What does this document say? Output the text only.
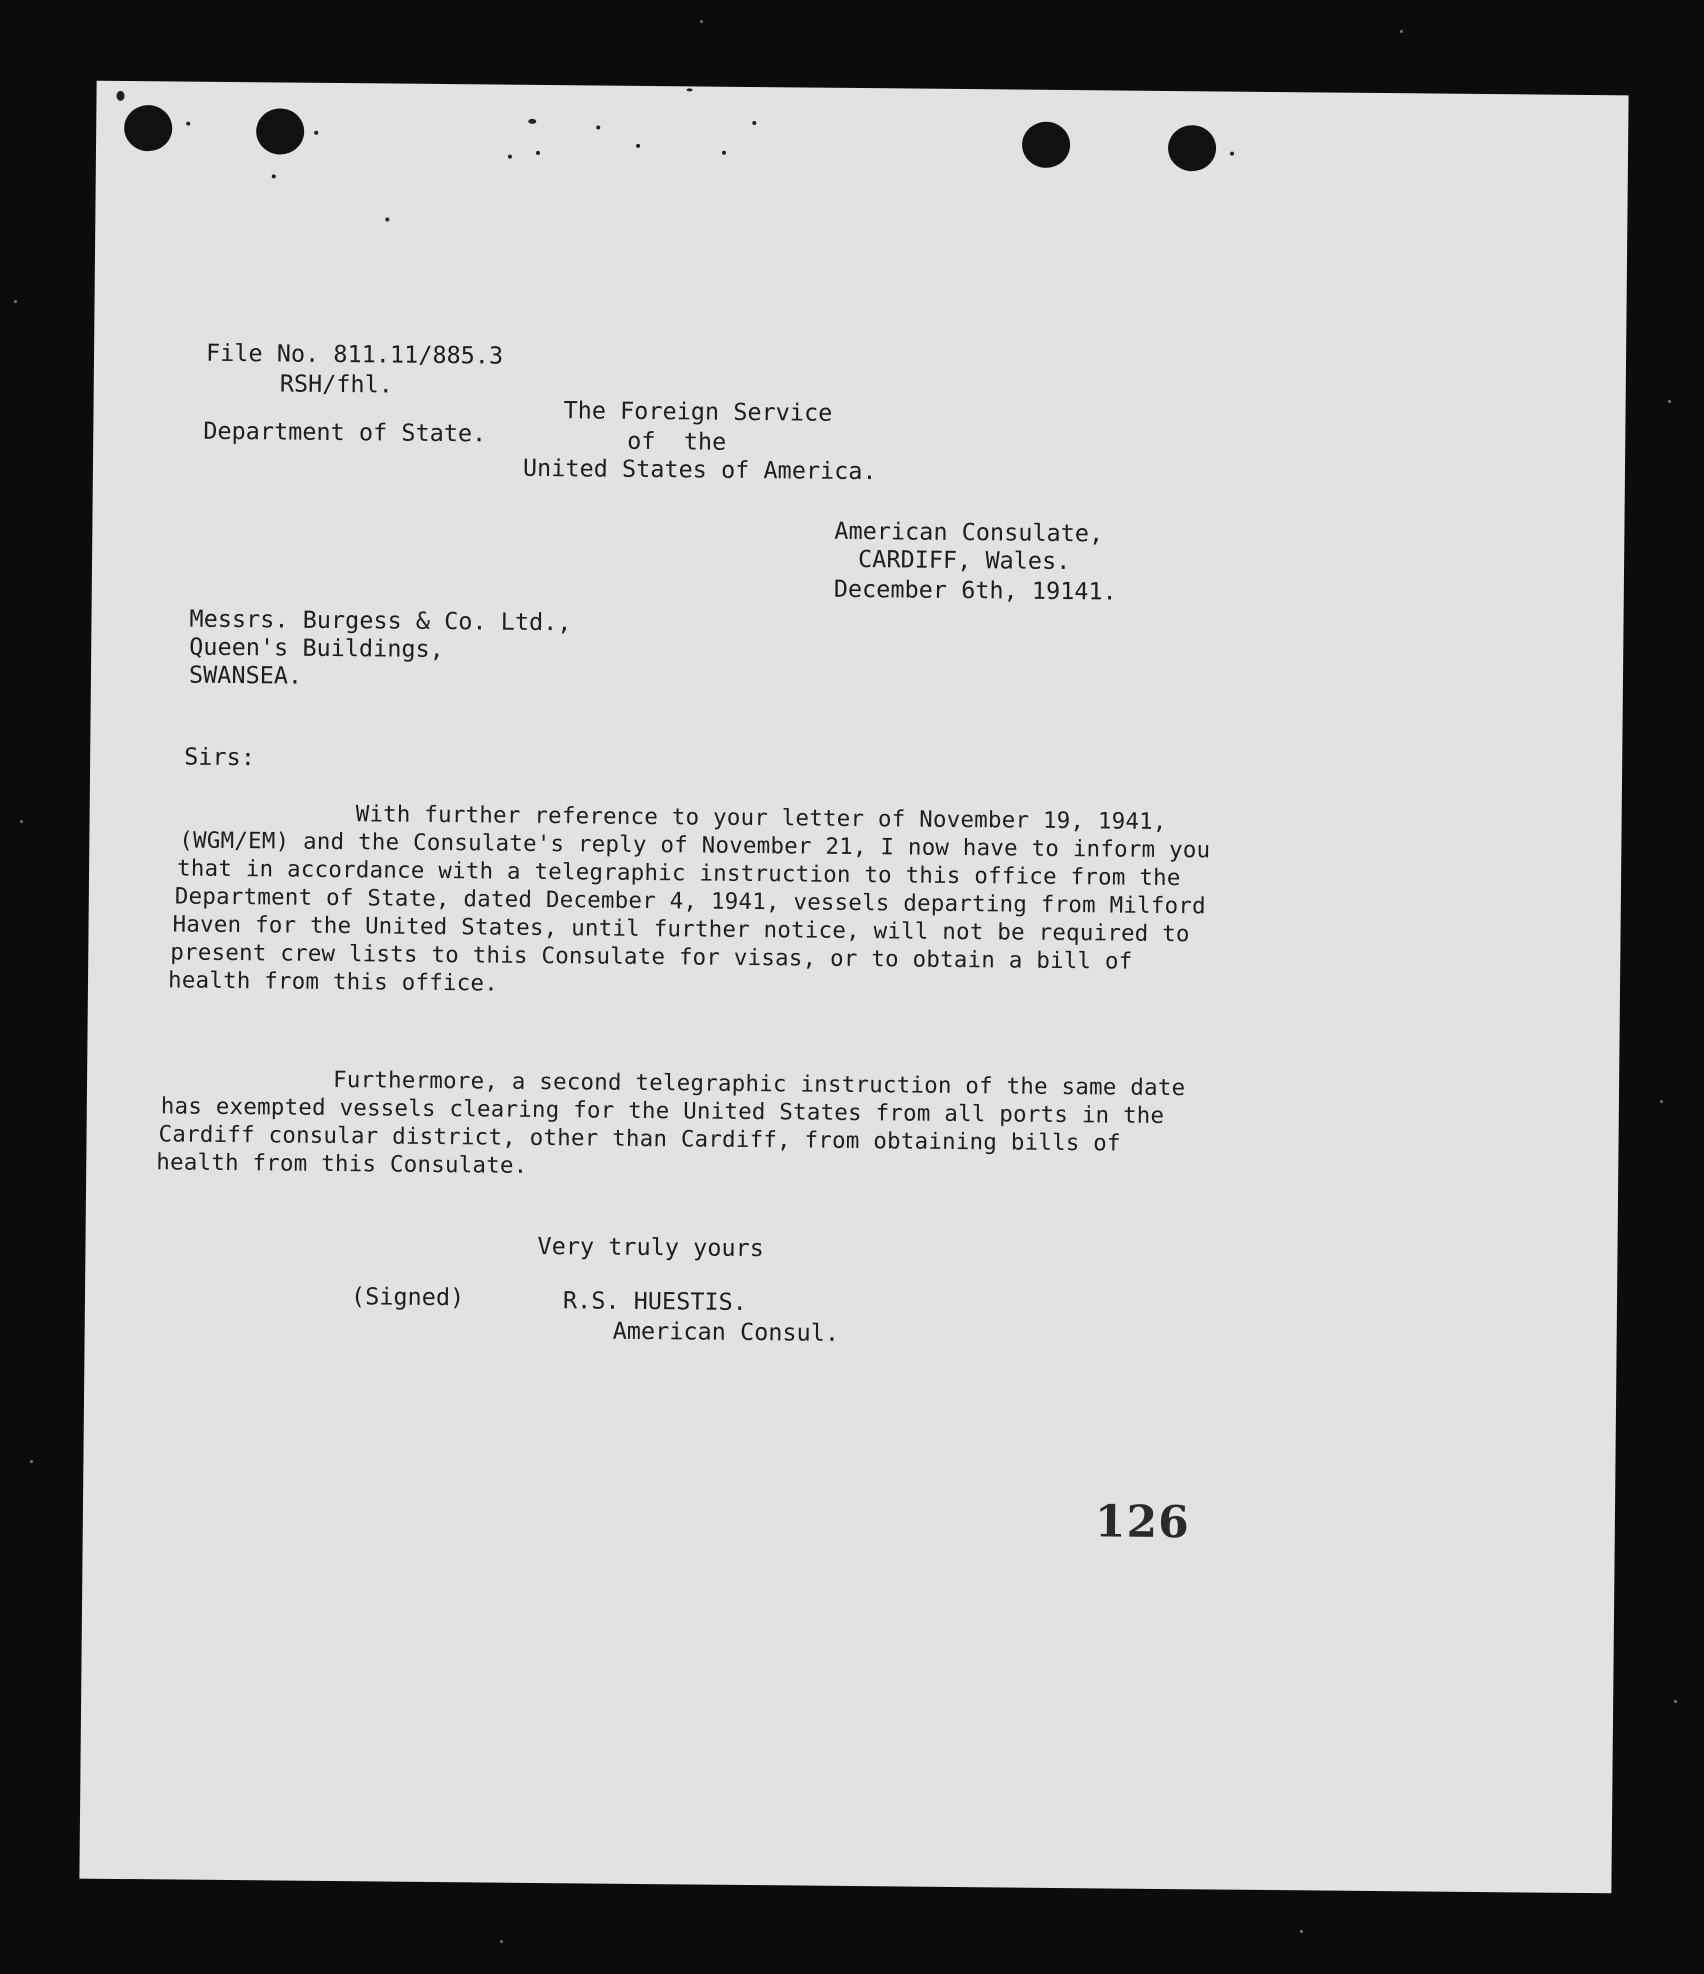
File No. 811.11/885.3
RSH/fhl.
Department of State.
The Foreign Service
of  the
United States of America.
American Consulate,
CARDIFF, Wales.
December 6th, 19141.
Messrs. Burgess & Co. Ltd.,
Queen's Buildings,
SWANSEA.
Sirs:
With further reference to your letter of November 19, 1941,
(WGM/EM) and the Consulate's reply of November 21, I now have to inform you
that in accordance with a telegraphic instruction to this office from the
Department of State, dated December 4, 1941, vessels departing from Milford
Haven for the United States, until further notice, will not be required to
present crew lists to this Consulate for visas, or to obtain a bill of
health from this office.
Furthermore, a second telegraphic instruction of the same date
has exempted vessels clearing for the United States from all ports in the
Cardiff consular district, other than Cardiff, from obtaining bills of
health from this Consulate.
Very truly yours
(Signed)	R.S. HUESTIS.
American Consul.
126
